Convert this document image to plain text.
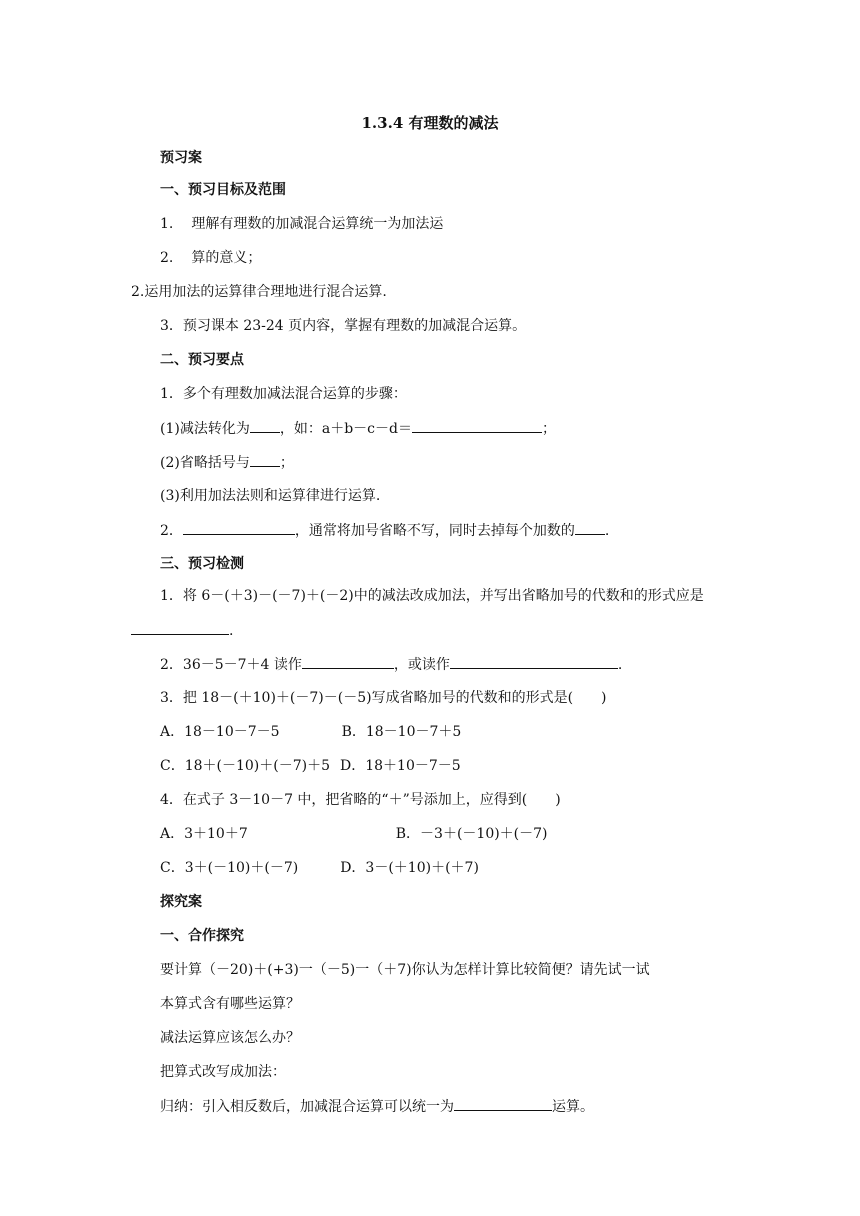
1.3.4 有理数的减法
预习案
一、预习目标及范围
1. 理解有理数的加减混合运算统一为加法运
2. 算的意义；
2.运用加法的运算律合理地进行混合运算.
3．预习课本 23-24 页内容，掌握有理数的加减混合运算。
二、预习要点
1．多个有理数加减法混合运算的步骤：
(1)减法转化为 ，如：a＋b－c－d＝	；
(2)省略括号与 ；
(3)利用加法法则和运算律进行运算.
2．	，通常将加号省略不写，同时去掉每个加数的 .
三、预习检测
1．将 6－(＋3)－(－7)＋(－2)中的减法改成加法，并写出省略加号的代数和的形式应是
.
2．36－5－7＋4 读作	，或读作	.
3．把 18－(＋10)＋(－7)－(－5)写成省略加号的代数和的形式是(　　)
A．18－10－7－5	B．18－10－7＋5
C．18＋(－10)＋(－7)＋5 D．18＋10－7－5
4．在式子 3－10－7 中，把省略的“＋”号添加上，应得到(　　)
A．3＋10＋7	B．－3＋(－10)＋(－7)
C．3＋(－10)＋(－7)	D．3－(＋10)＋(＋7)
探究案
一、合作探究
要计算（－20)＋(+3)一（－5)一（＋7)你认为怎样计算比较简便？请先试一试
本算式含有哪些运算？
减法运算应该怎么办？
把算式改写成加法：
归纳：引入相反数后，加减混合运算可以统一为	运算。
